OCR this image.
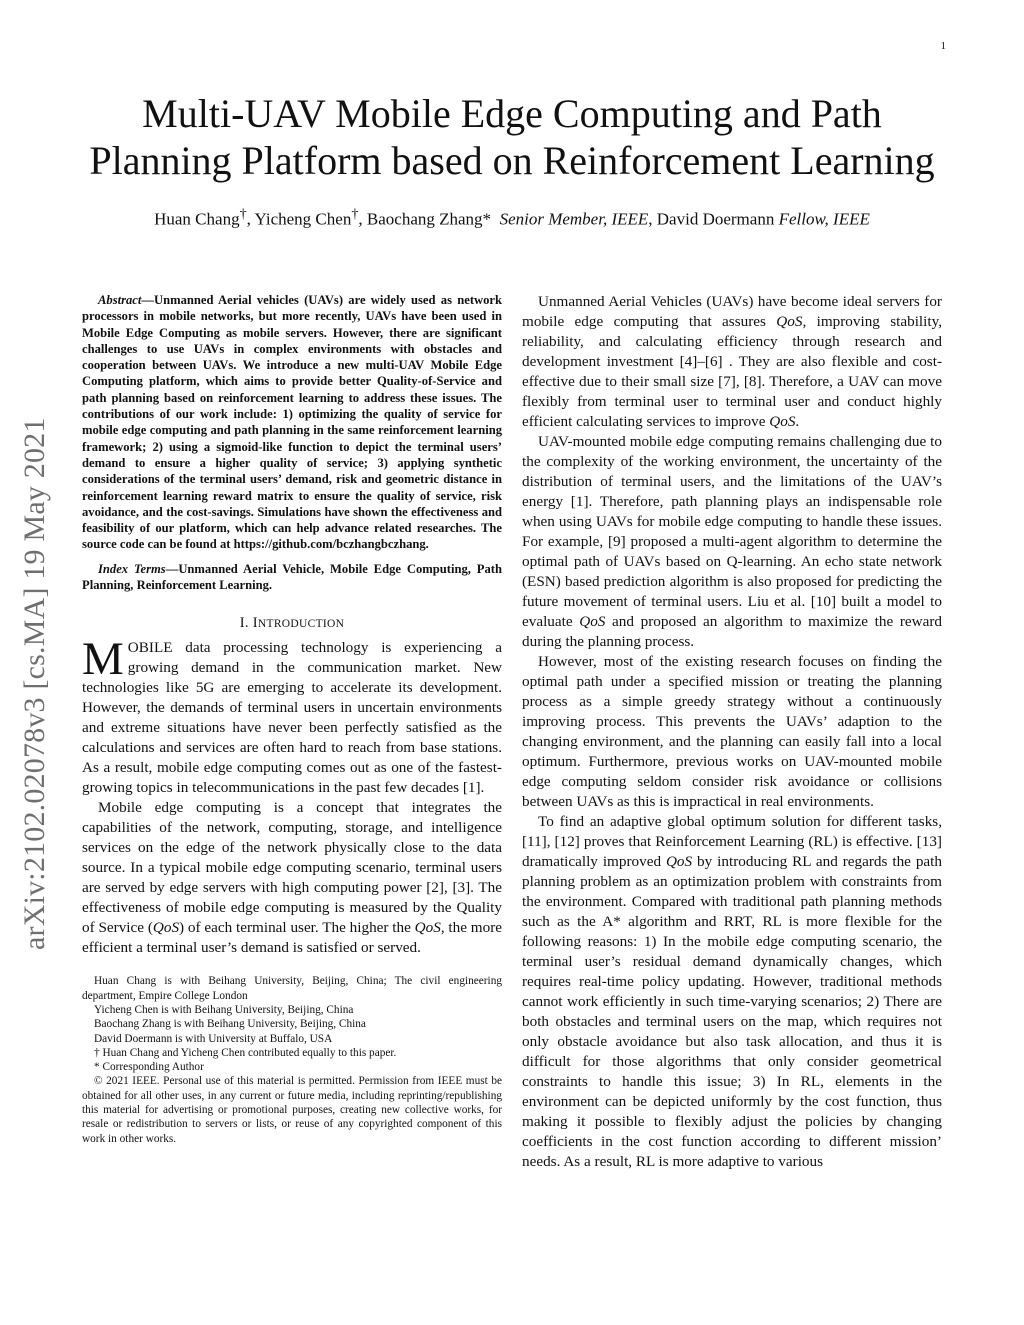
1
arXiv:2102.02078v3 [cs.MA] 19 May 2021
Multi-UAV Mobile Edge Computing and Path
Planning Platform based on Reinforcement Learning
Huan Chang†, Yicheng Chen†, Baochang Zhang* Senior Member, IEEE, David Doermann Fellow, IEEE

Abstract—Unmanned Aerial vehicles (UAVs) are widely used as network processors in mobile networks, but more recently, UAVs have been used in Mobile Edge Computing as mobile servers. However, there are significant challenges to use UAVs in complex environments with obstacles and cooperation between UAVs. We introduce a new multi-UAV Mobile Edge Computing platform, which aims to provide better Quality-of-Service and path planning based on reinforcement learning to address these issues. The contributions of our work include: 1) optimizing the quality of service for mobile edge computing and path planning in the same reinforcement learning framework; 2) using a sigmoid-like function to depict the terminal users’ demand to ensure a higher quality of service; 3) applying synthetic considerations of the terminal users’ demand, risk and geometric distance in reinforcement learning reward matrix to ensure the quality of service, risk avoidance, and the cost-savings. Simulations have shown the effectiveness and feasibility of our platform, which can help advance related researches. The source code can be found at https://github.com/bczhangbczhang.

Index Terms—Unmanned Aerial Vehicle, Mobile Edge Computing, Path Planning, Reinforcement Learning.

I. INTRODUCTION

MOBILE data processing technology is experiencing a growing demand in the communication market. New technologies like 5G are emerging to accelerate its development. However, the demands of terminal users in uncertain environments and extreme situations have never been perfectly satisfied as the calculations and services are often hard to reach from base stations. As a result, mobile edge computing comes out as one of the fastest-growing topics in telecommunications in the past few decades [1].

Mobile edge computing is a concept that integrates the capabilities of the network, computing, storage, and intelligence services on the edge of the network physically close to the data source. In a typical mobile edge computing scenario, terminal users are served by edge servers with high computing power [2], [3]. The effectiveness of mobile edge computing is measured by the Quality of Service (QoS) of each terminal user. The higher the QoS, the more efficient a terminal user’s demand is satisfied or served.

Huan Chang is with Beihang University, Beijing, China; The civil engineering department, Empire College London

Yicheng Chen is with Beihang University, Beijing, China

Baochang Zhang is with Beihang University, Beijing, China

David Doermann is with University at Buffalo, USA

† Huan Chang and Yicheng Chen contributed equally to this paper.

* Corresponding Author

© 2021 IEEE. Personal use of this material is permitted. Permission from IEEE must be obtained for all other uses, in any current or future media, including reprinting/republishing this material for advertising or promotional purposes, creating new collective works, for resale or redistribution to servers or lists, or reuse of any copyrighted component of this work in other works.

Unmanned Aerial Vehicles (UAVs) have become ideal servers for mobile edge computing that assures QoS, improving stability, reliability, and calculating efficiency through research and development investment [4]–[6] . They are also flexible and cost-effective due to their small size [7], [8]. Therefore, a UAV can move flexibly from terminal user to terminal user and conduct highly efficient calculating services to improve QoS.

UAV-mounted mobile edge computing remains challenging due to the complexity of the working environment, the uncertainty of the distribution of terminal users, and the limitations of the UAV’s energy [1]. Therefore, path planning plays an indispensable role when using UAVs for mobile edge computing to handle these issues. For example, [9] proposed a multi-agent algorithm to determine the optimal path of UAVs based on Q-learning. An echo state network (ESN) based prediction algorithm is also proposed for predicting the future movement of terminal users. Liu et al. [10] built a model to evaluate QoS and proposed an algorithm to maximize the reward during the planning process.

However, most of the existing research focuses on finding the optimal path under a specified mission or treating the planning process as a simple greedy strategy without a continuously improving process. This prevents the UAVs’ adaption to the changing environment, and the planning can easily fall into a local optimum. Furthermore, previous works on UAV-mounted mobile edge computing seldom consider risk avoidance or collisions between UAVs as this is impractical in real environments.

To find an adaptive global optimum solution for different tasks, [11], [12] proves that Reinforcement Learning (RL) is effective. [13] dramatically improved QoS by introducing RL and regards the path planning problem as an optimization problem with constraints from the environment. Compared with traditional path planning methods such as the A* algorithm and RRT, RL is more flexible for the following reasons: 1) In the mobile edge computing scenario, the terminal user’s residual demand dynamically changes, which requires real-time policy updating. However, traditional methods cannot work efficiently in such time-varying scenarios; 2) There are both obstacles and terminal users on the map, which requires not only obstacle avoidance but also task allocation, and thus it is difficult for those algorithms that only consider geometrical constraints to handle this issue; 3) In RL, elements in the environment can be depicted uniformly by the cost function, thus making it possible to flexibly adjust the policies by changing coefficients in the cost function according to different mission’ needs. As a result, RL is more adaptive to various
